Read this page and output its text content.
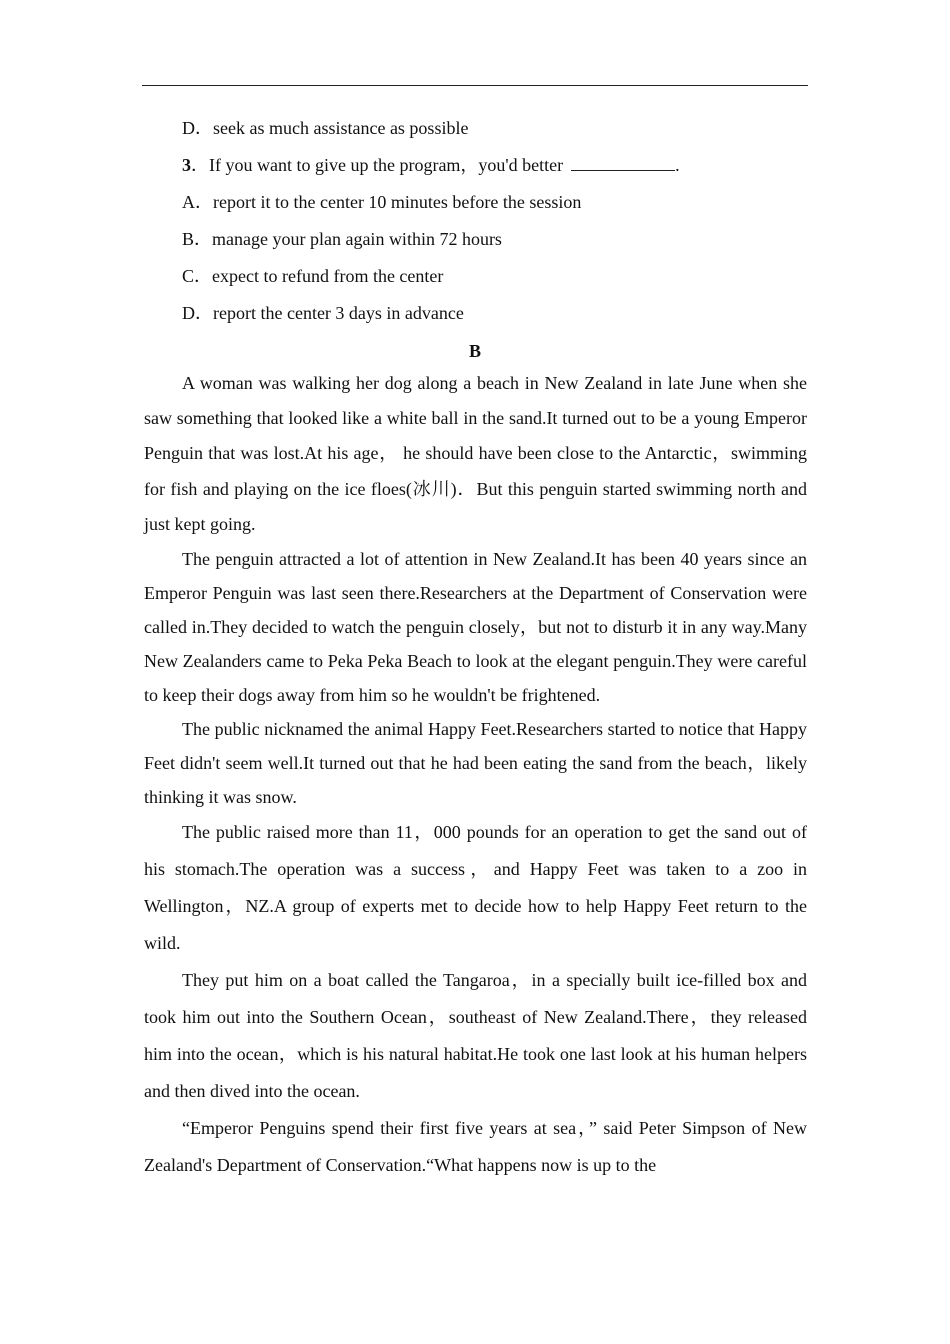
D．seek as much assistance as possible
3．If you want to give up the program，you'd better	.
A．report it to the center 10 minutes before the session
B．manage your plan again within 72 hours
C．expect to refund from the center
D．report the center 3 days in advance
B

A woman was walking her dog along a beach in New Zealand in late June when she saw something that looked like a white ball in the sand.It turned out to be a young Emperor Penguin that was lost.At his age， he should have been close to the Antarctic，swimming for fish and playing on the ice floes(冰川)．But this penguin started swimming north and just kept going.

The penguin attracted a lot of attention in New Zealand.It has been 40 years since an Emperor Penguin was last seen there.Researchers at the Department of Conservation were called in.They decided to watch the penguin closely，but not to disturb it in any way.Many New Zealanders came to Peka Peka Beach to look at the elegant penguin.They were careful to keep their dogs away from him so he wouldn't be frightened.

The public nicknamed the animal Happy Feet.Researchers started to notice that Happy Feet didn't seem well.It turned out that he had been eating the sand from the beach，likely thinking it was snow.

The public raised more than 11，000 pounds for an operation to get the sand out of his stomach.The operation was a success，and Happy Feet was taken to a zoo in Wellington，NZ.A group of experts met to decide how to help Happy Feet return to the wild.

They put him on a boat called the Tangaroa，in a specially built ice-filled box and took him out into the Southern Ocean，southeast of New Zealand.There，they released him into the ocean，which is his natural habitat.He took one last look at his human helpers and then dived into the ocean.

“Emperor Penguins spend their first five years at sea，” said Peter Simpson of New Zealand's Department of Conservation.“What happens now is up to the
